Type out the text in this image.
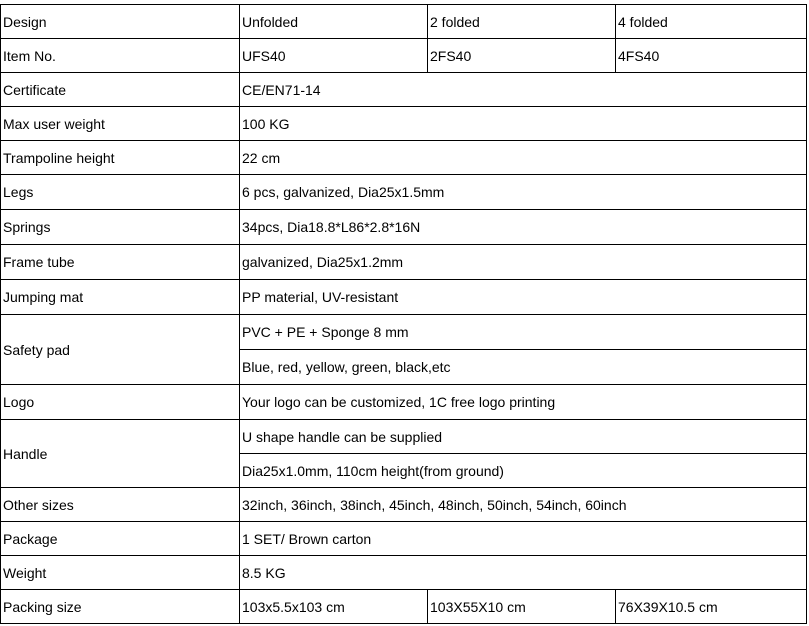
Design	Unfolded	2 folded	4 folded
Item No.	UFS40	2FS40	4FS40
Certificate	CE/EN71-14		
Max user weight	100 KG		
Trampoline height	22 cm		
Legs	6 pcs, galvanized, Dia25x1.5mm		
Springs	34pcs, Dia18.8*L86*2.8*16N		
Frame tube	galvanized, Dia25x1.2mm		
Jumping mat	PP material, UV-resistant		
Safety pad	PVC + PE + Sponge 8 mm		
	Blue, red, yellow, green, black,etc		
Logo	Your logo can be customized, 1C free logo printing		
Handle	U shape handle can be supplied		
	Dia25x1.0mm, 110cm height(from ground)		
Other sizes	32inch, 36inch, 38inch, 45inch, 48inch, 50inch, 54inch, 60inch		
Package	1 SET/ Brown carton		
Weight	8.5 KG		
Packing size	103x5.5x103 cm	103X55X10 cm	76X39X10.5 cm
